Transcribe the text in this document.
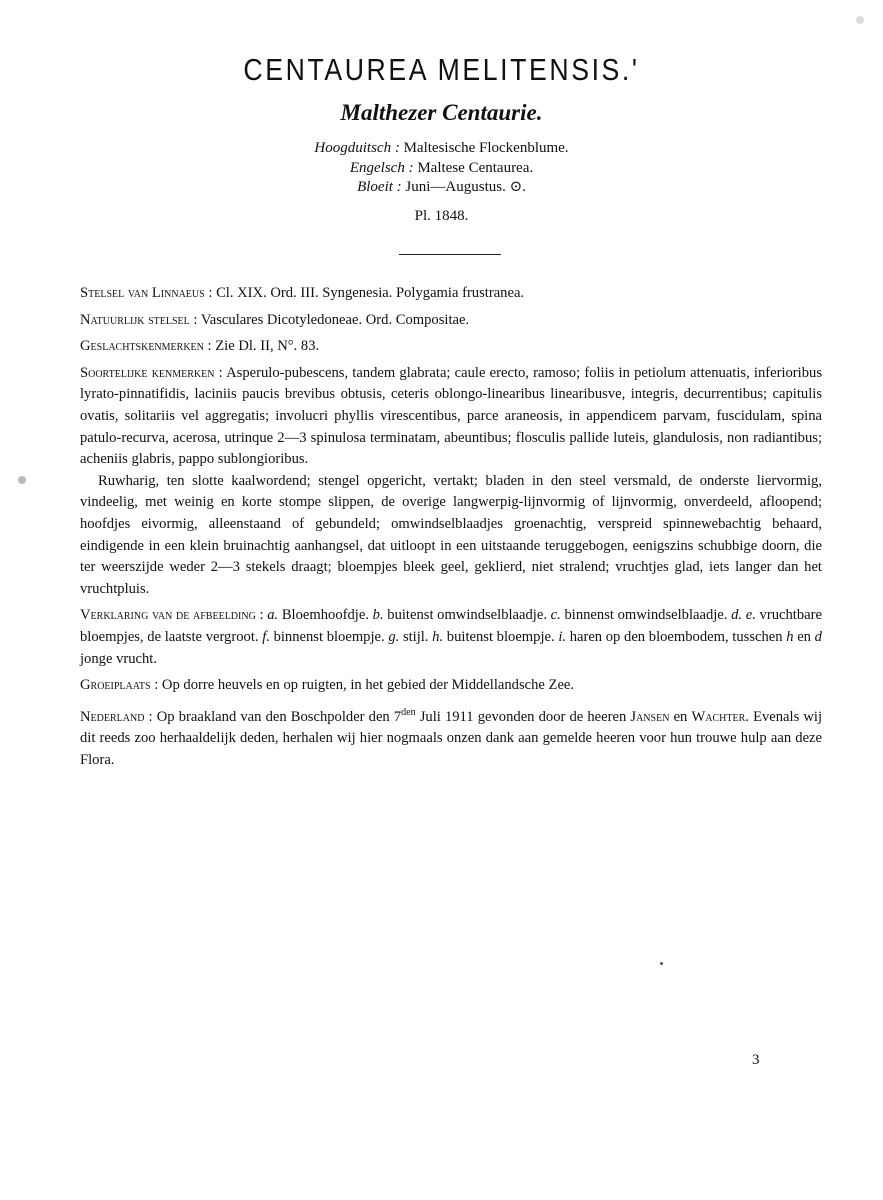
CENTAUREA MELITENSIS.'
Malthezer Centaurie.
Hoogduitsch : Maltesische Flockenblume.
Engelsch : Maltese Centaurea.
Bloeit : Juni—Augustus. ⊙.
Pl. 1848.

Stelsel van Linnaeus : Cl. XIX. Ord. III. Syngenesia. Polygamia frustranea.

Natuurlijk stelsel : Vasculares Dicotyledoneae. Ord. Compositae.

Geslachtskenmerken : Zie Dl. II, N°. 83.

Soortelijke kenmerken : Asperulo-pubescens, tandem glabrata; caule erecto, ramoso; foliis in petiolum attenuatis, inferioribus lyrato-pinnatifidis, laciniis paucis brevibus obtusis, ceteris oblongo-linearibus linearibusve, integris, decurrentibus; capitulis ovatis, solitariis vel aggregatis; involucri phyllis virescentibus, parce araneosis, in appendicem parvam, fuscidulam, spina patulo-recurva, acerosa, utrinque 2—3 spinulosa terminatam, abeuntibus; flosculis pallide luteis, glandulosis, non radiantibus; acheniis glabris, pappo sublongioribus.

Ruwharig, ten slotte kaalwordend; stengel opgericht, vertakt; bladen in den steel versmald, de onderste liervormig, vindeelig, met weinig en korte stompe slippen, de overige langwerpig-lijnvormig of lijnvormig, onverdeeld, afloopend; hoofdjes eivormig, alleenstaand of gebundeld; omwindselblaadjes groenachtig, verspreid spinnewebachtig behaard, eindigende in een klein bruinachtig aanhangsel, dat uitloopt in een uitstaande teruggebogen, eenigszins schubbige doorn, die ter weerszijde weder 2—3 stekels draagt; bloempjes bleek geel, geklierd, niet stralend; vruchtjes glad, iets langer dan het vruchtpluis.

Verklaring van de afbeelding : a. Bloemhoofdje. b. buitenst omwindselblaadje. c. binnenst omwindselblaadje. d. e. vruchtbare bloempjes, de laatste vergroot. f. binnenst bloempje. g. stijl. h. buitenst bloempje. i. haren op den bloembodem, tusschen h en d jonge vrucht.

Groeiplaats : Op dorre heuvels en op ruigten, in het gebied der Middellandsche Zee.

Nederland : Op braakland van den Boschpolder den $7^{den}$ Juli 1911 gevonden door de heeren Jansen en Wachter. Evenals wij dit reeds zoo herhaaldelijk deden, herhalen wij hier nogmaals onzen dank aan gemelde heeren voor hun trouwe hulp aan deze Flora.

3
